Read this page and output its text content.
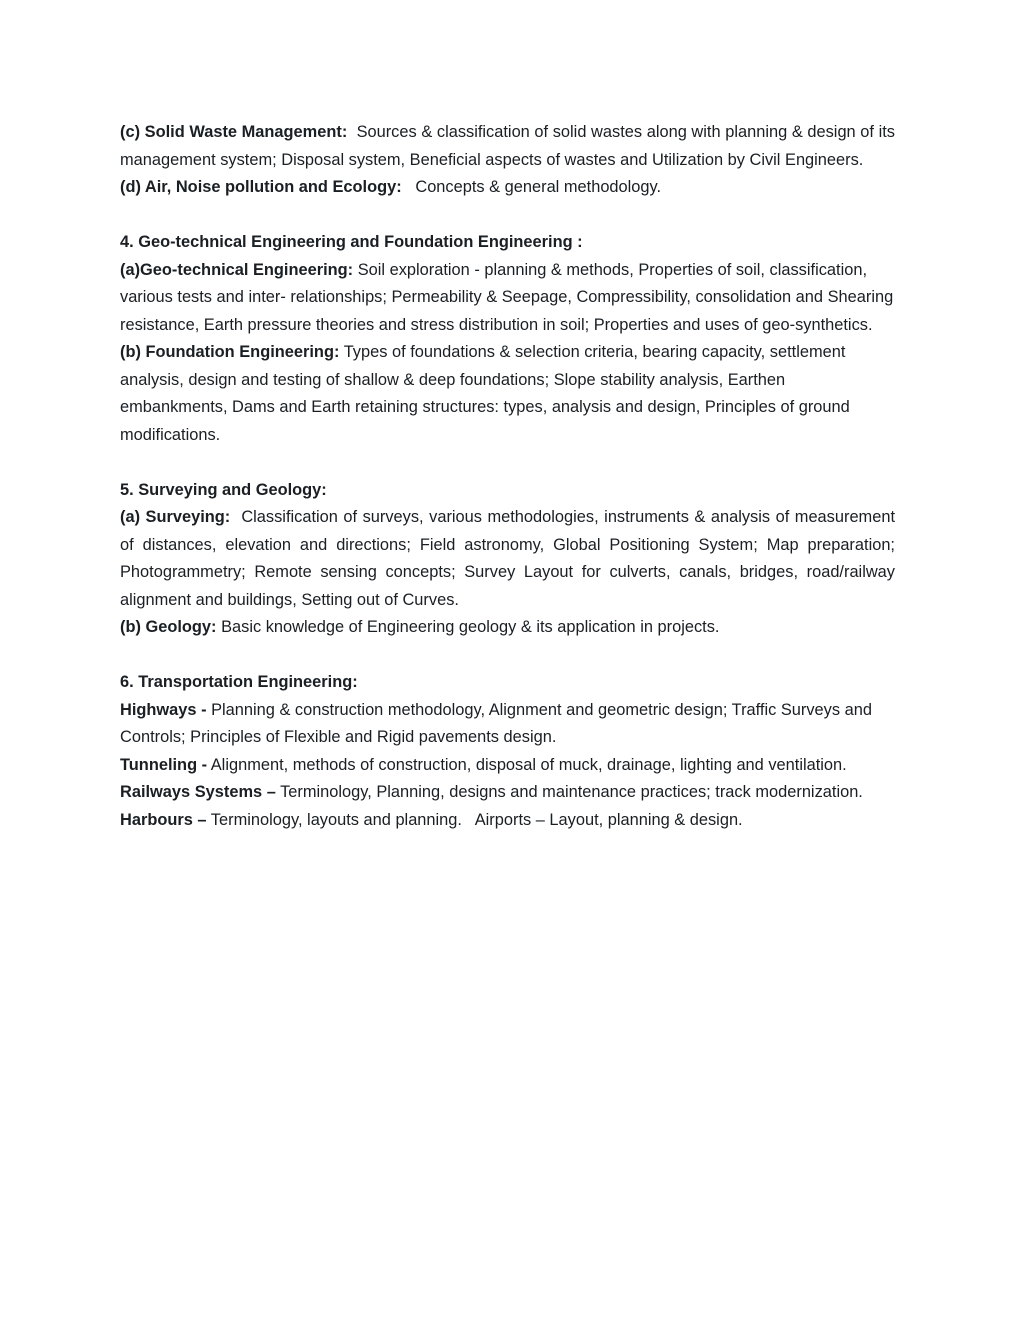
(c) Solid Waste Management: Sources & classification of solid wastes along with planning & design of its management system; Disposal system, Beneficial aspects of wastes and Utilization by Civil Engineers.

(d) Air, Noise pollution and Ecology: Concepts & general methodology.

4. Geo-technical Engineering and Foundation Engineering :

(a)Geo-technical Engineering: Soil exploration - planning & methods, Properties of soil, classification, various tests and inter- relationships; Permeability & Seepage, Compressibility, consolidation and Shearing resistance, Earth pressure theories and stress distribution in soil; Properties and uses of geo-synthetics.

(b) Foundation Engineering: Types of foundations & selection criteria, bearing capacity, settlement analysis, design and testing of shallow & deep foundations; Slope stability analysis, Earthen embankments, Dams and Earth retaining structures: types, analysis and design, Principles of ground modifications.

5. Surveying and Geology:

(a) Surveying: Classification of surveys, various methodologies, instruments & analysis of measurement of distances, elevation and directions; Field astronomy, Global Positioning System; Map preparation; Photogrammetry; Remote sensing concepts; Survey Layout for culverts, canals, bridges, road/railway alignment and buildings, Setting out of Curves.

(b) Geology: Basic knowledge of Engineering geology & its application in projects.

6. Transportation Engineering:

Highways - Planning & construction methodology, Alignment and geometric design; Traffic Surveys and Controls; Principles of Flexible and Rigid pavements design.

Tunneling - Alignment, methods of construction, disposal of muck, drainage, lighting and ventilation.

Railways Systems – Terminology, Planning, designs and maintenance practices; track modernization.

Harbours – Terminology, layouts and planning.   Airports – Layout, planning & design.
